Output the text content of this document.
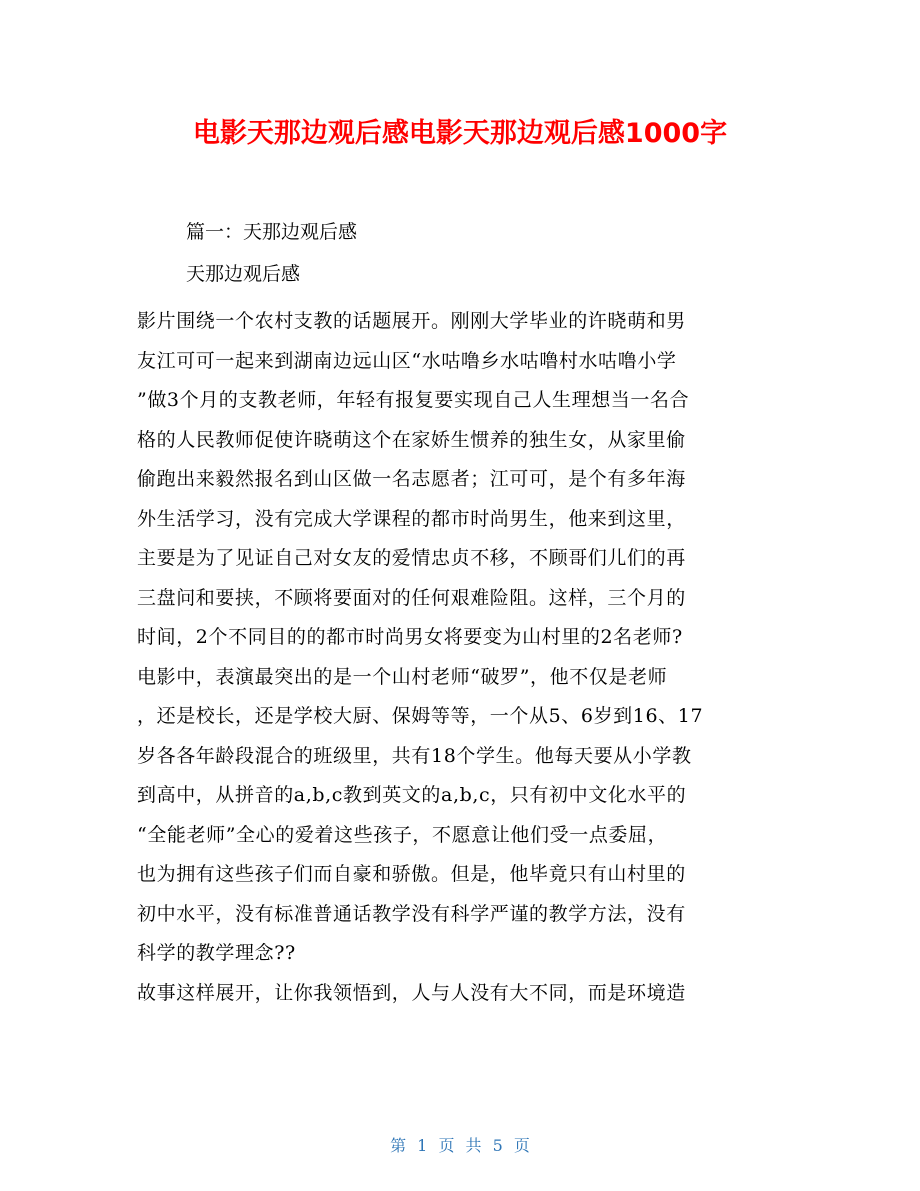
电影天那边观后感电影天那边观后感1000字
篇一：天那边观后感
天那边观后感
影片围绕一个农村支教的话题展开。刚刚大学毕业的许晓萌和男
友江可可一起来到湖南边远山区“水咕噜乡水咕噜村水咕噜小学
”做3个月的支教老师，年轻有报复要实现自己人生理想当一名合
格的人民教师促使许晓萌这个在家娇生惯养的独生女，从家里偷
偷跑出来毅然报名到山区做一名志愿者；江可可，是个有多年海
外生活学习，没有完成大学课程的都市时尚男生，他来到这里，
主要是为了见证自己对女友的爱情忠贞不移，不顾哥们儿们的再
三盘问和要挟，不顾将要面对的任何艰难险阻。这样，三个月的
时间，2个不同目的的都市时尚男女将要变为山村里的2名老师?
电影中，表演最突出的是一个山村老师“破罗”，他不仅是老师
，还是校长，还是学校大厨、保姆等等，一个从5、6岁到16、17
岁各各年龄段混合的班级里，共有18个学生。他每天要从小学教
到高中，从拼音的a,b,c教到英文的a,b,c，只有初中文化水平的
“全能老师”全心的爱着这些孩子，不愿意让他们受一点委屈，
也为拥有这些孩子们而自豪和骄傲。但是，他毕竟只有山村里的
初中水平，没有标准普通话教学没有科学严谨的教学方法，没有
科学的教学理念??
故事这样展开，让你我领悟到，人与人没有大不同，而是环境造
第 1 页 共 5 页
